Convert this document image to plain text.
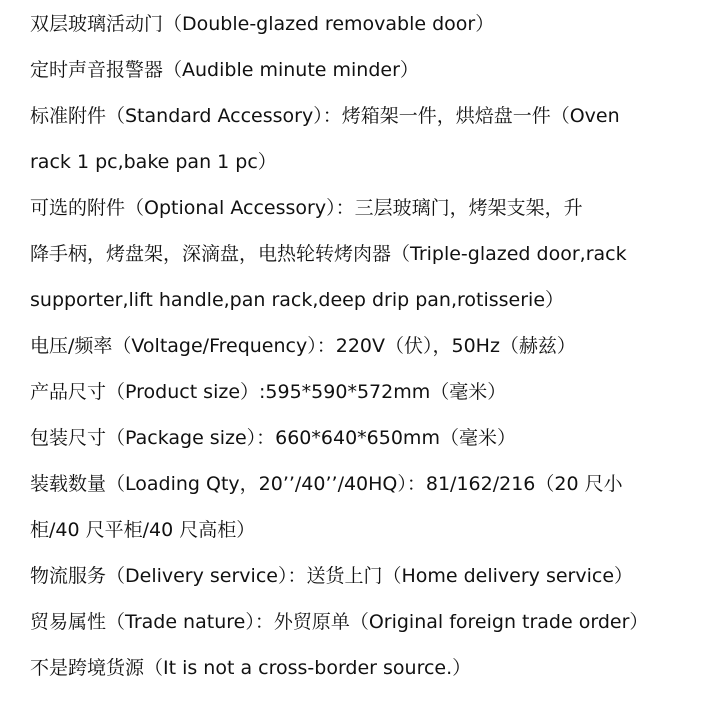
双层玻璃活动门（Double-glazed removable door）
定时声音报警器（Audible minute minder）
标准附件（Standard Accessory）：烤箱架一件，烘焙盘一件（Oven
rack 1 pc,bake pan 1 pc）
可选的附件（Optional Accessory）：三层玻璃门，烤架支架，升
降手柄，烤盘架，深滴盘，电热轮转烤肉器（Triple-glazed door,rack
supporter,lift handle,pan rack,deep drip pan,rotisserie）
电压/频率（Voltage/Frequency）：220V（伏），50Hz（赫兹）
产品尺寸（Product size）:595*590*572mm（毫米）
包装尺寸（Package size）：660*640*650mm（毫米）
装载数量（Loading Qty，20’’/40’’/40HQ）：81/162/216（20 尺小
柜/40 尺平柜/40 尺高柜）
物流服务（Delivery service）：送货上门（Home delivery service）
贸易属性（Trade nature）：外贸原单（Original foreign trade order）
不是跨境货源（It is not a cross-border source.）
